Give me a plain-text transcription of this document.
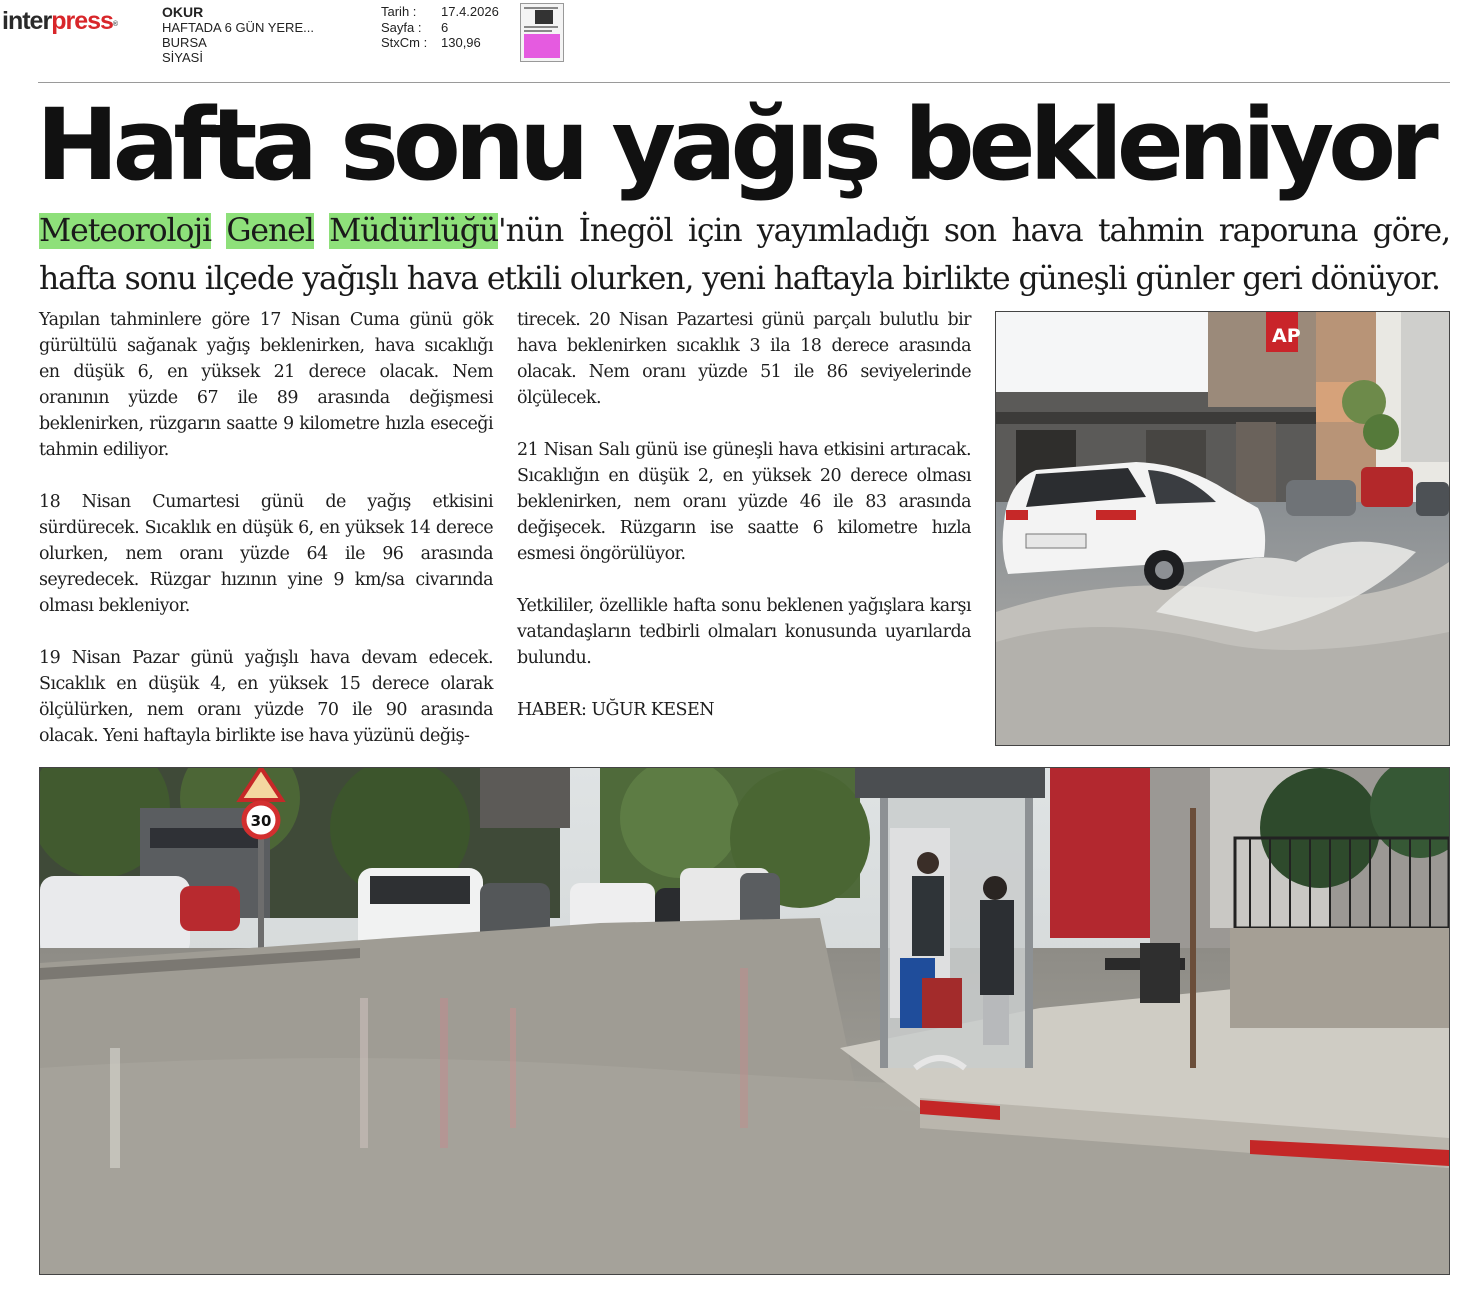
interpress®
OKUR
HAFTADA 6 GÜN YERE...
BURSA
SİYASİ
Tarih :	17.4.2026
Sayfa :	6
StxCm :	130,96
Hafta sonu yağış bekleniyor
Meteoroloji Genel Müdürlüğü'nün İnegöl için yayımladığı son hava tahmin raporuna göre, hafta sonu ilçede yağışlı hava etkili olurken, yeni haftayla birlikte güneşli günler geri dönüyor.

Yapılan tahminlere göre 17 Nisan Cuma günü gök gürültülü sağanak yağış beklenirken, hava sıcaklığı en düşük 6, en yüksek 21 derece olacak. Nem oranının yüzde 67 ile 89 arasında değişmesi beklenirken, rüzgarın saatte 9 kilometre hızla eseceği tahmin ediliyor.

18 Nisan Cumartesi günü de yağış etkisini sürdürecek. Sıcaklık en düşük 6, en yüksek 14 derece olurken, nem oranı yüzde 64 ile 96 arasında seyredecek. Rüzgar hızının yine 9 km/sa civarında olması bekleniyor.

19 Nisan Pazar günü yağışlı hava devam edecek. Sıcaklık en düşük 4, en yüksek 15 derece olarak ölçülürken, nem oranı yüzde 70 ile 90 arasında olacak. Yeni haftayla birlikte ise hava yüzünü değiş-

tirecek. 20 Nisan Pazartesi günü parçalı bulutlu bir hava beklenirken sıcaklık 3 ila 18 derece arasında olacak. Nem oranı yüzde 51 ile 86 seviyelerinde ölçülecek.

21 Nisan Salı günü ise güneşli hava etkisini artıracak. Sıcaklığın en düşük 2, en yüksek 20 derece olması beklenirken, nem oranı yüzde 46 ile 83 arasında değişecek. Rüzgarın ise saatte 6 kilometre hızla esmesi öngörülüyor.

Yetkililer, özellikle hafta sonu beklenen yağışlara karşı vatandaşların tedbirli olmaları konusunda uyarılarda bulundu.

HABER: UĞUR KESEN

AP
30
